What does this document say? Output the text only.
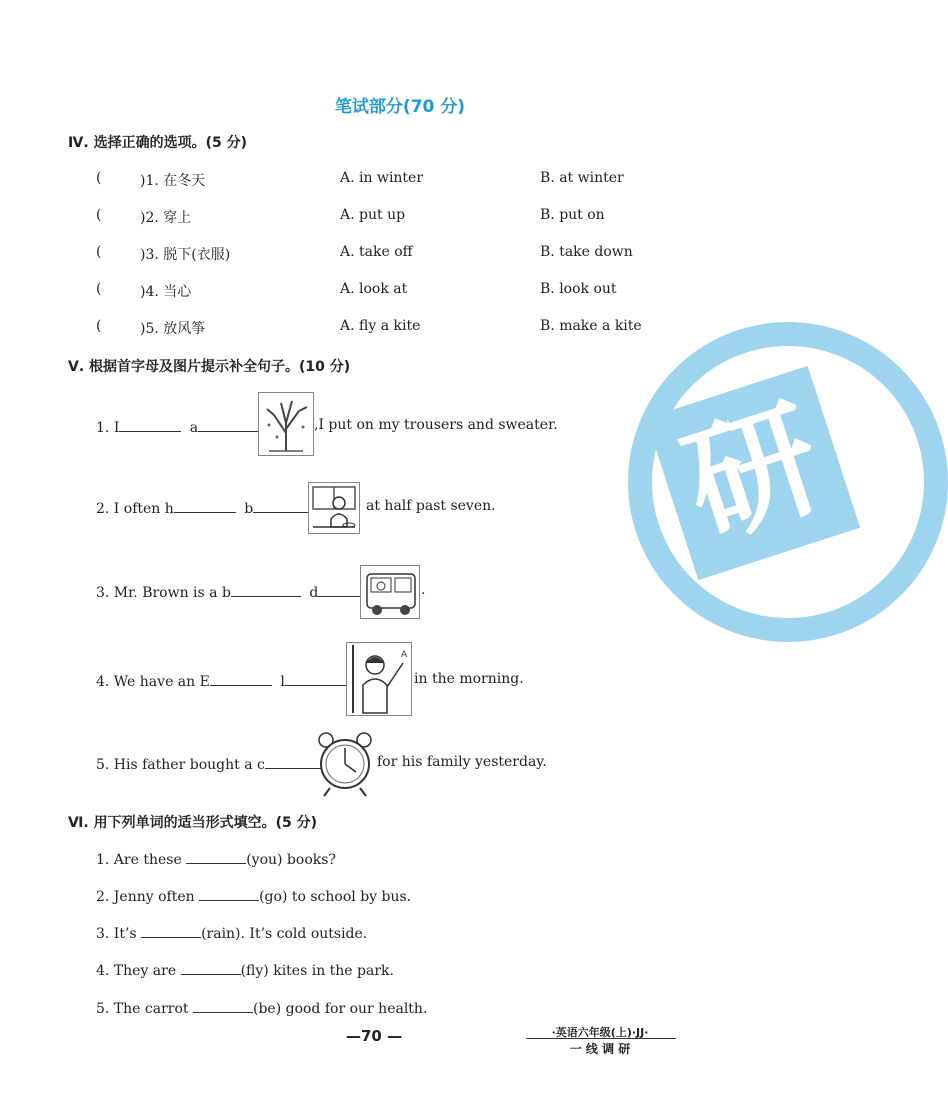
研
笔试部分(70 分)
Ⅳ. 选择正确的选项。(5 分)
(	)1. 在冬天	A. in winter	B. at winter
(	)2. 穿上	A. put up	B. put on
(	)3. 脱下(衣服)	A. take off	B. take down
(	)4. 当心	A. look at	B. look out
(	)5. 放风筝	A. fly a kite	B. make a kite
Ⅴ. 根据首字母及图片提示补全句子。(10 分)
1. I	a	,I put on my trousers and sweater.
2. I often h	b	at half past seven.
3. Mr. Brown is a b	d	.
4. We have an E	l
A
in the morning.
5. His father bought a c	for his family yesterday.
Ⅵ. 用下列单词的适当形式填空。(5 分)
1. Are these	(you) books?
2. Jenny often	(go) to school by bus.
3. It’s	(rain). It’s cold outside.
4. They are	(fly) kites in the park.
5. The carrot	(be) good for our health.
—70 —	·英语六年级(上)·JJ·
一 线 调 研
